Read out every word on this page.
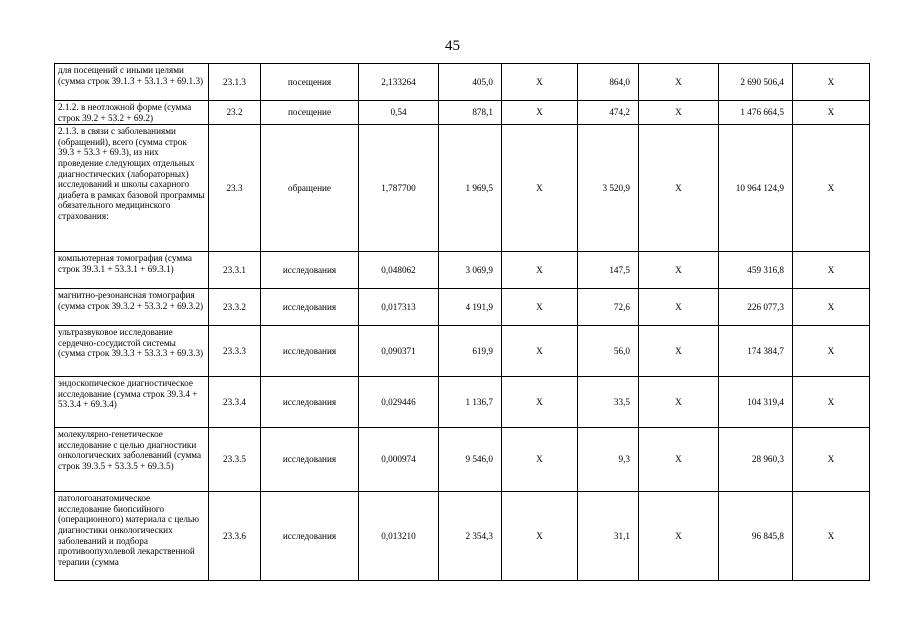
45
для посещений с иными целями (сумма строк 39.1.3 + 53.1.3 + 69.1.3)	23.1.3	посещения	2,133264	405,0	Х	864,0	Х	2 690 506,4	Х
2.1.2. в неотложной форме (сумма строк 39.2 + 53.2 + 69.2)	23.2	посещение	0,54	878,1	Х	474,2	Х	1 476 664,5	Х
2.1.3. в связи с заболеваниями (обращений), всего (сумма строк 39.3 + 53.3 + 69.3), из них проведение следующих отдельных диагностических (лабораторных) исследований и школы сахарного диабета в рамках базовой программы обязательного медицинского страхования:	23.3	обращение	1,787700	1 969,5	Х	3 520,9	Х	10 964 124,9	Х
компьютерная томография (сумма строк 39.3.1 + 53.3.1 + 69.3.1)	23.3.1	исследования	0,048062	3 069,9	Х	147,5	Х	459 316,8	Х
магнитно-резонансная томография (сумма строк 39.3.2 + 53.3.2 + 69.3.2)	23.3.2	исследования	0,017313	4 191,9	Х	72,6	Х	226 077,3	Х
ультразвуковое исследование сердечно-сосудистой системы (сумма строк 39.3.3 + 53.3.3 + 69.3.3)	23.3.3	исследования	0,090371	619,9	Х	56,0	Х	174 384,7	Х
эндоскопическое диагностическое исследование (сумма строк 39.3.4 + 53.3.4 + 69.3.4)	23.3.4	исследования	0,029446	1 136,7	Х	33,5	Х	104 319,4	Х
молекулярно-генетическое исследование с целью диагностики онкологических заболеваний (сумма строк 39.3.5 + 53.3.5 + 69.3.5)	23.3.5	исследования	0,000974	9 546,0	Х	9,3	Х	28 960,3	Х
патологоанатомическое исследование биопсийного (операционного) материала с целью диагностики онкологических заболеваний и подбора противоопухолевой лекарственной терапии (сумма	23.3.6	исследования	0,013210	2 354,3	Х	31,1	Х	96 845,8	Х
